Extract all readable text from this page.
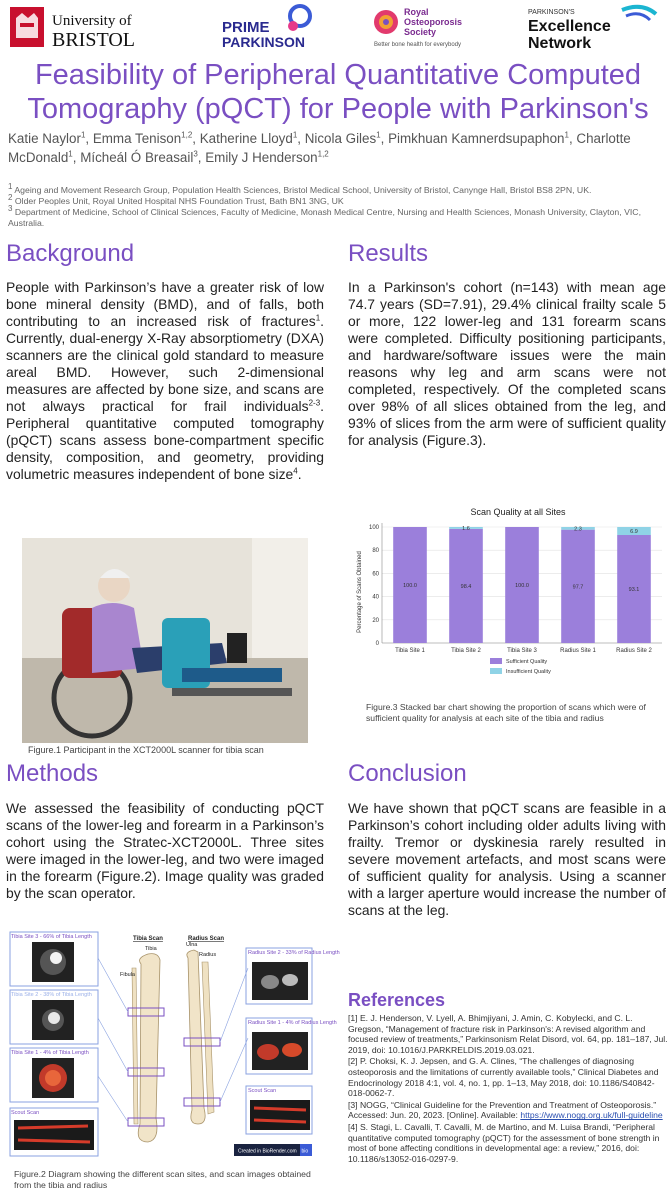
University of
BRISTOL
PRIME
PARKINSON
Royal
Osteoporosis
Society
Better bone health for everybody
PARKINSON'S
Excellence
Network
Feasibility of Peripheral Quantitative Computed Tomography (pQCT) for People with Parkinson's
Katie Naylor$^1$, Emma Tenison$^{1,2}$, Katherine Lloyd$^1$, Nicola Giles$^1$, Pimkhuan Kamnerdsupaphon$^1$, Charlotte McDonald$^1$, Mícheál Ó Breasail$^3$, Emily J Henderson$^{1,2}$
$^1$ Ageing and Movement Research Group, Population Health Sciences, Bristol Medical School, University of Bristol, Canynge Hall, Bristol BS8 2PN, UK.
$^2$ Older Peoples Unit, Royal United Hospital NHS Foundation Trust, Bath BN1 3NG, UK
$^3$ Department of Medicine, School of Clinical Sciences, Faculty of Medicine, Monash Medical Centre, Nursing and Health Sciences, Monash University, Clayton, VIC, Australia.
Background

People with Parkinson’s have a greater risk of low bone mineral density (BMD), and of falls, both contributing to an increased risk of fractures$^1$. Currently, dual-energy X-Ray absorptiometry (DXA) scanners are the clinical gold standard to measure areal BMD. However, such 2-dimensional measures are affected by bone size, and scans are not always practical for frail individuals$^{2-3}$. Peripheral quantitative computed tomography (pQCT) scans assess bone-compartment specific density, composition, and geometry, providing volumetric measures independent of bone size$^4$.

Figure.1 Participant in the XCT2000L scanner for tibia scan
Results

In a Parkinson's cohort (n=143) with mean age 74.7 years (SD=7.91), 29.4% clinical frailty scale 5 or more, 122 lower-leg and 131 forearm scans were completed. Difficulty positioning participants, and hardware/software issues were the main reasons why leg and arm scans were not completed, respectively. Of the completed scans over 98% of all slices obtained from the leg, and 93% of slices from the arm were of sufficient quality for analysis (Figure.3).

Scan Quality at all Sites
Percentage of Scans Obtained
0
20
40
60
80
100
100.0	98.4
1.6
100.0	97.7
2.3
93.1
6.9
Tibia Site 1	Tibia Site 2	Tibia Site 3	Radius Site 1	Radius Site 2
Sufficient Quality
Insufficient Quality
Figure.3 Stacked bar chart showing the proportion of scans which were of sufficient quality for analysis at each site of the tibia and radius
Methods

We assessed the feasibility of conducting pQCT scans of the lower-leg and forearm in a Parkinson’s cohort using the Stratec-XCT2000L. Three sites were imaged in the lower-leg, and two were imaged in the forearm (Figure.2). Image quality was graded by the scan operator.

Tibia Site 3 - 66% of Tibia Length
Tibia Site 2 - 38% of Tibia Length
Tibia Site 1 - 4% of Tibia Length
Scout Scan
Tibia Scan	Radius Scan
Fibula
Tibia
Ulna
Radius	Radius Site 2 - 33% of Radius Length
Radius Site 1 - 4% of Radius Length
Scout Scan
Created in BioRender.com bio
Figure.2 Diagram showing the different scan sites, and scan images obtained from the tibia and radius
Conclusion

We have shown that pQCT scans are feasible in a Parkinson’s cohort including older adults living with frailty. Tremor or dyskinesia rarely resulted in severe movement artefacts, and most scans were of sufficient quality for analysis. Using a scanner with a larger aperture would increase the number of scans at the leg.

References

[1] E. J. Henderson, V. Lyell, A. Bhimjiyani, J. Amin, C. Kobylecki, and C. L. Gregson, “Management of fracture risk in Parkinson's: A revised algorithm and focused review of treatments,” Parkinsonism Relat Disord, vol. 64, pp. 181–187, Jul. 2019, doi: 10.1016/J.PARKRELDIS.2019.03.021.

[2] P. Choksi, K. J. Jepsen, and G. A. Clines, “The challenges of diagnosing osteoporosis and the limitations of currently available tools,” Clinical Diabetes and Endocrinology 2018 4:1, vol. 4, no. 1, pp. 1–13, May 2018, doi: 10.1186/S40842-018-0062-7.

[3] NOGG, “Clinical Guideline for the Prevention and Treatment of Osteoporosis.” Accessed: Jun. 20, 2023. [Online]. Available: https://www.nogg.org.uk/full-guideline

[4] S. Stagi, L. Cavalli, T. Cavalli, M. de Martino, and M. Luisa Brandi, “Peripheral quantitative computed tomography (pQCT) for the assessment of bone strength in most of bone affecting conditions in developmental age: a review,” 2016, doi: 10.1186/s13052-016-0297-9.
